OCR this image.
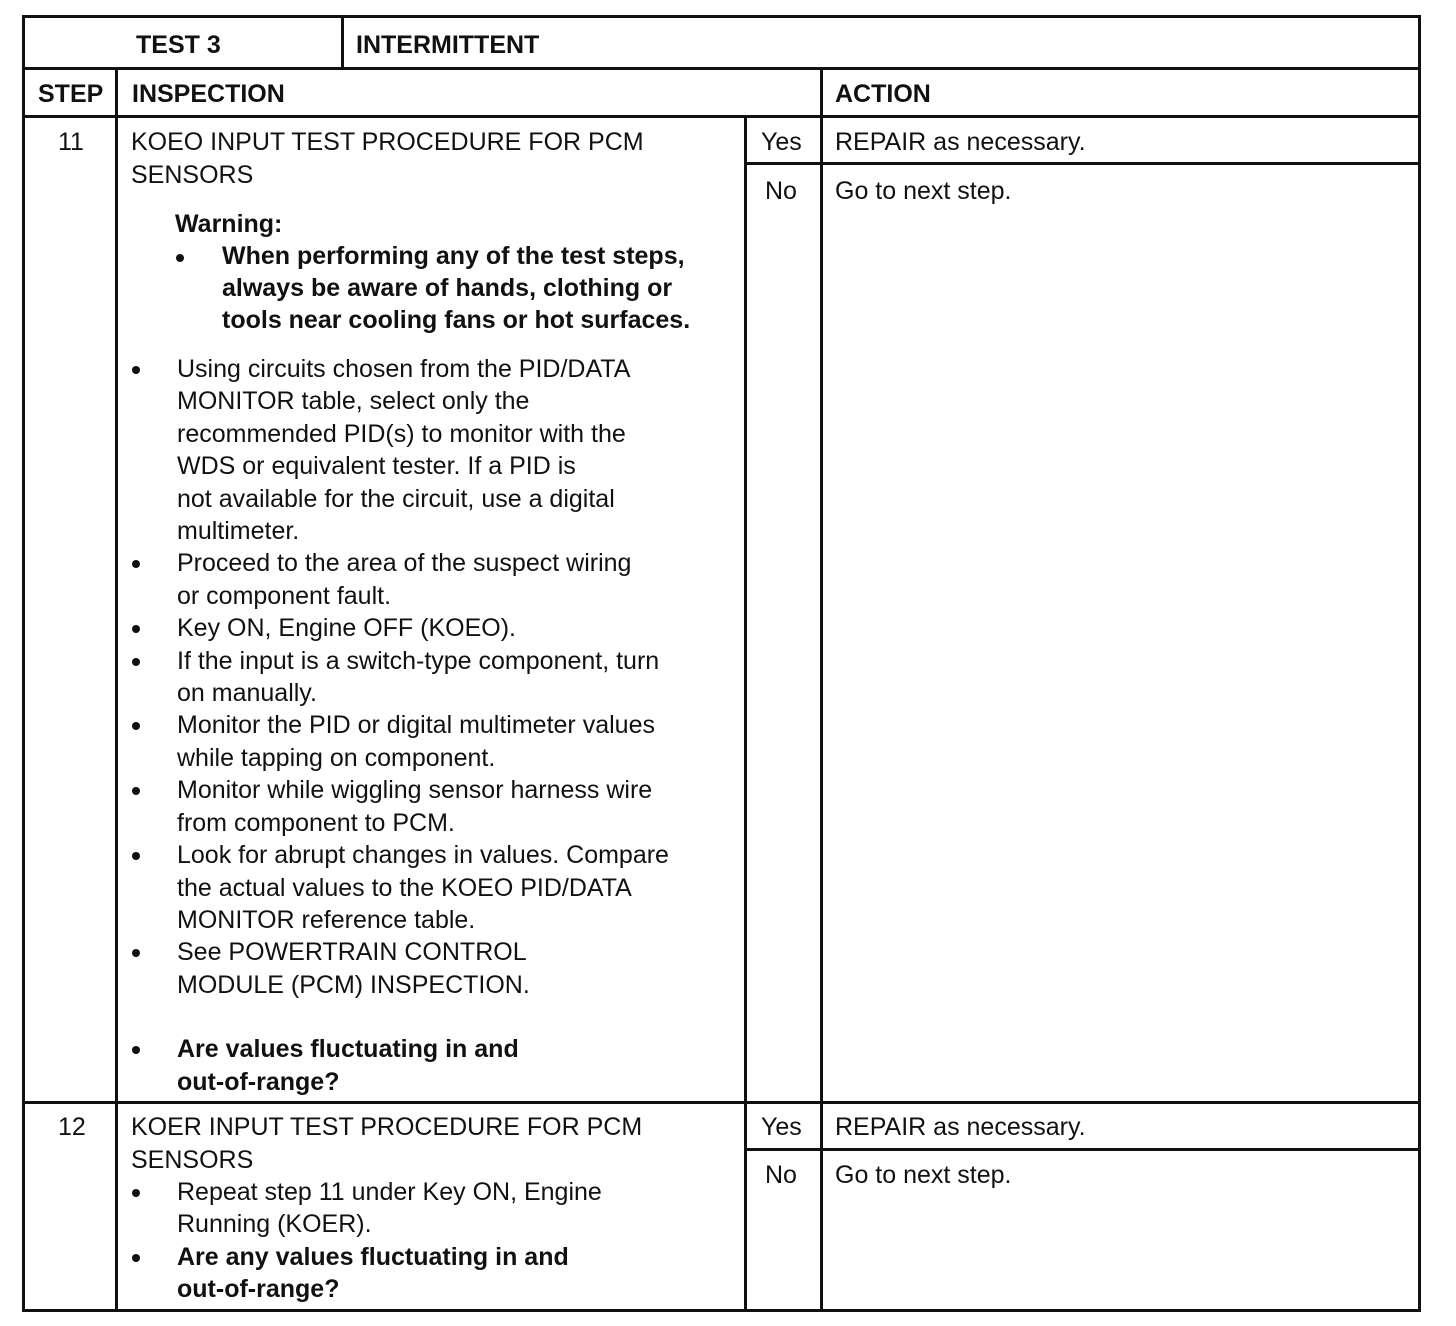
TEST 3	INTERMITTENT
STEP INSPECTION	ACTION
11 KOEO INPUT TEST PROCEDURE FOR PCM
SENSORS
Warning:
When performing any of the test steps,
always be aware of hands, clothing or
tools near cooling fans or hot surfaces.
Using circuits chosen from the PID/DATA
MONITOR table, select only the
recommended PID(s) to monitor with the
WDS or equivalent tester. If a PID is
not available for the circuit, use a digital
multimeter.
Proceed to the area of the suspect wiring
or component fault.
Key ON, Engine OFF (KOEO).
If the input is a switch-type component, turn
on manually.
Monitor the PID or digital multimeter values
while tapping on component.
Monitor while wiggling sensor harness wire
from component to PCM.
Look for abrupt changes in values. Compare
the actual values to the KOEO PID/DATA
MONITOR reference table.
See POWERTRAIN CONTROL
MODULE (PCM) INSPECTION.
Are values fluctuating in and
out-of-range?
Yes REPAIR as necessary.
No Go to next step.
12 KOER INPUT TEST PROCEDURE FOR PCM
SENSORS
Repeat step 11 under Key ON, Engine
Running (KOER).
Are any values fluctuating in and
out-of-range?
Yes REPAIR as necessary.
No Go to next step.
